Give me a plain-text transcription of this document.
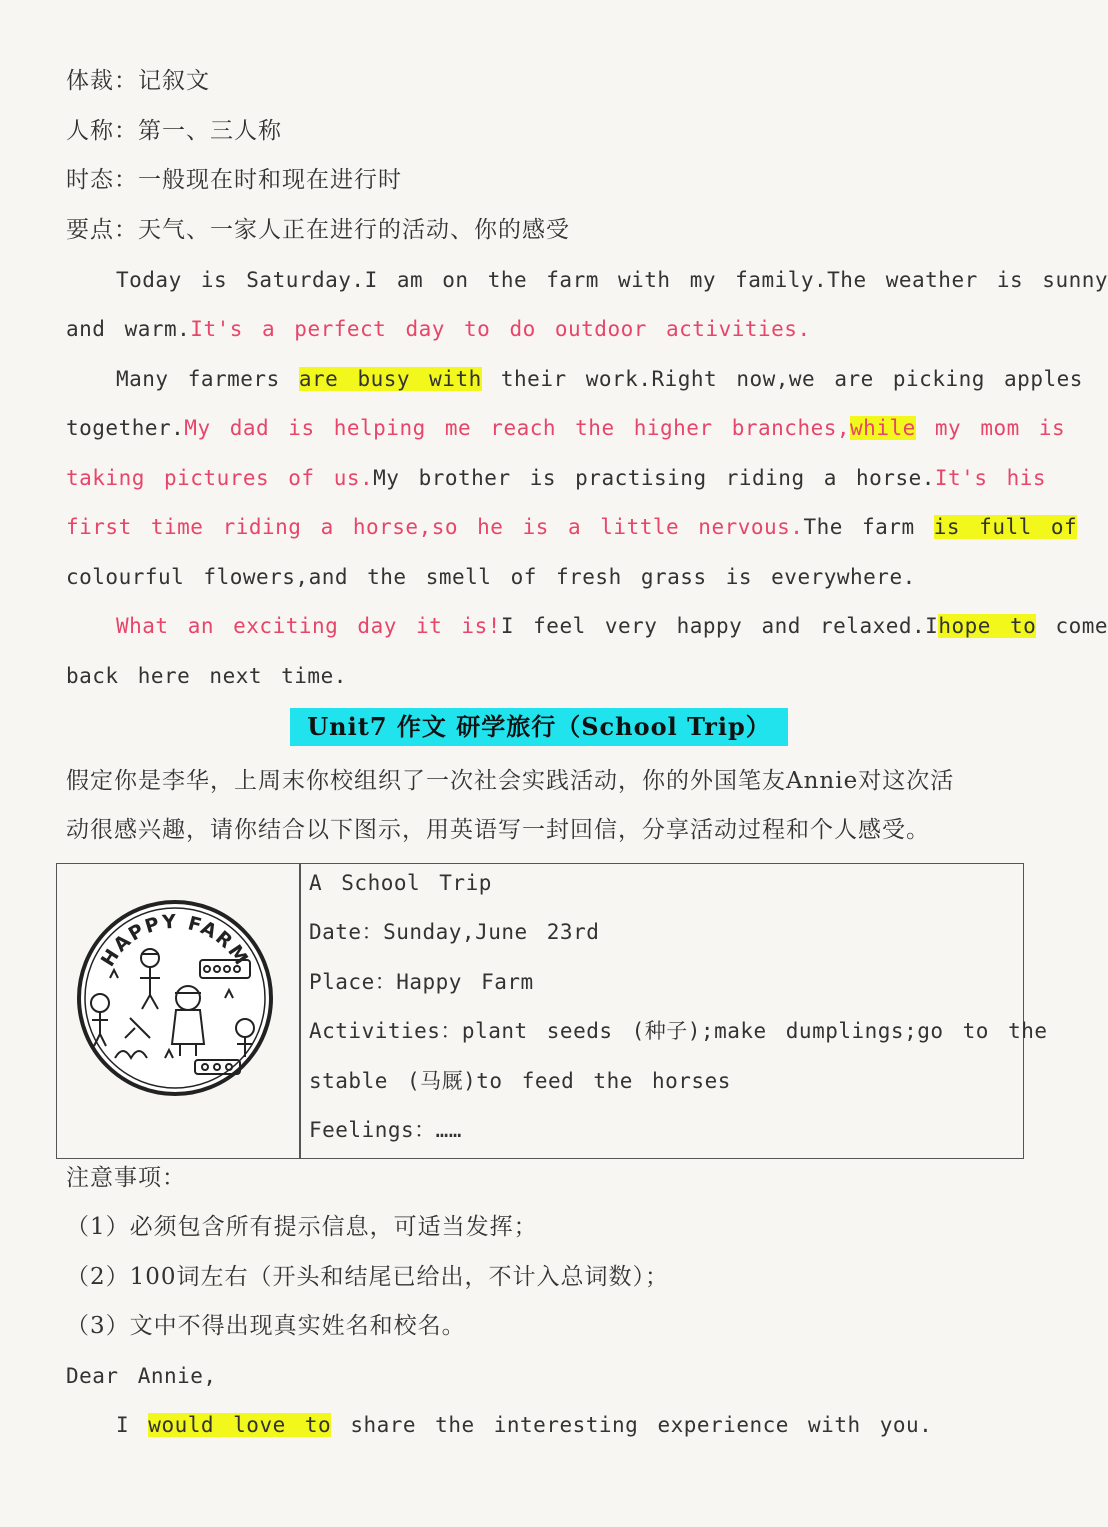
体裁：记叙文
人称：第一、三人称
时态：一般现在时和现在进行时
要点：天气、一家人正在进行的活动、你的感受
Today is Saturday.I am on the farm with my family.The weather is sunny
and warm.It's a perfect day to do outdoor activities.
Many farmers are busy with their work.Right now,we are picking apples
together.My dad is helping me reach the higher branches,while my mom is
taking pictures of us.My brother is practising riding a horse.It's his
first time riding a horse,so he is a little nervous.The farm is full of
colourful flowers,and the smell of fresh grass is everywhere.
What an exciting day it is!I feel very happy and relaxed.Ihope to come
back here next time.
Unit7 作文 研学旅行（School Trip）
假定你是李华，上周末你校组织了一次社会实践活动，你的外国笔友Annie对这次活
动很感兴趣，请你结合以下图示，用英语写一封回信，分享活动过程和个人感受。
HAPPY FARM
A School Trip
Date：Sunday,June 23rd
Place：Happy Farm
Activities：plant seeds (种子);make dumplings;go to the
stable (马厩)to feed the horses
Feelings：……
注意事项：
（1）必须包含所有提示信息，可适当发挥；
（2）100词左右（开头和结尾已给出，不计入总词数）；
（3）文中不得出现真实姓名和校名。
Dear Annie,
I would love to share the interesting experience with you.
